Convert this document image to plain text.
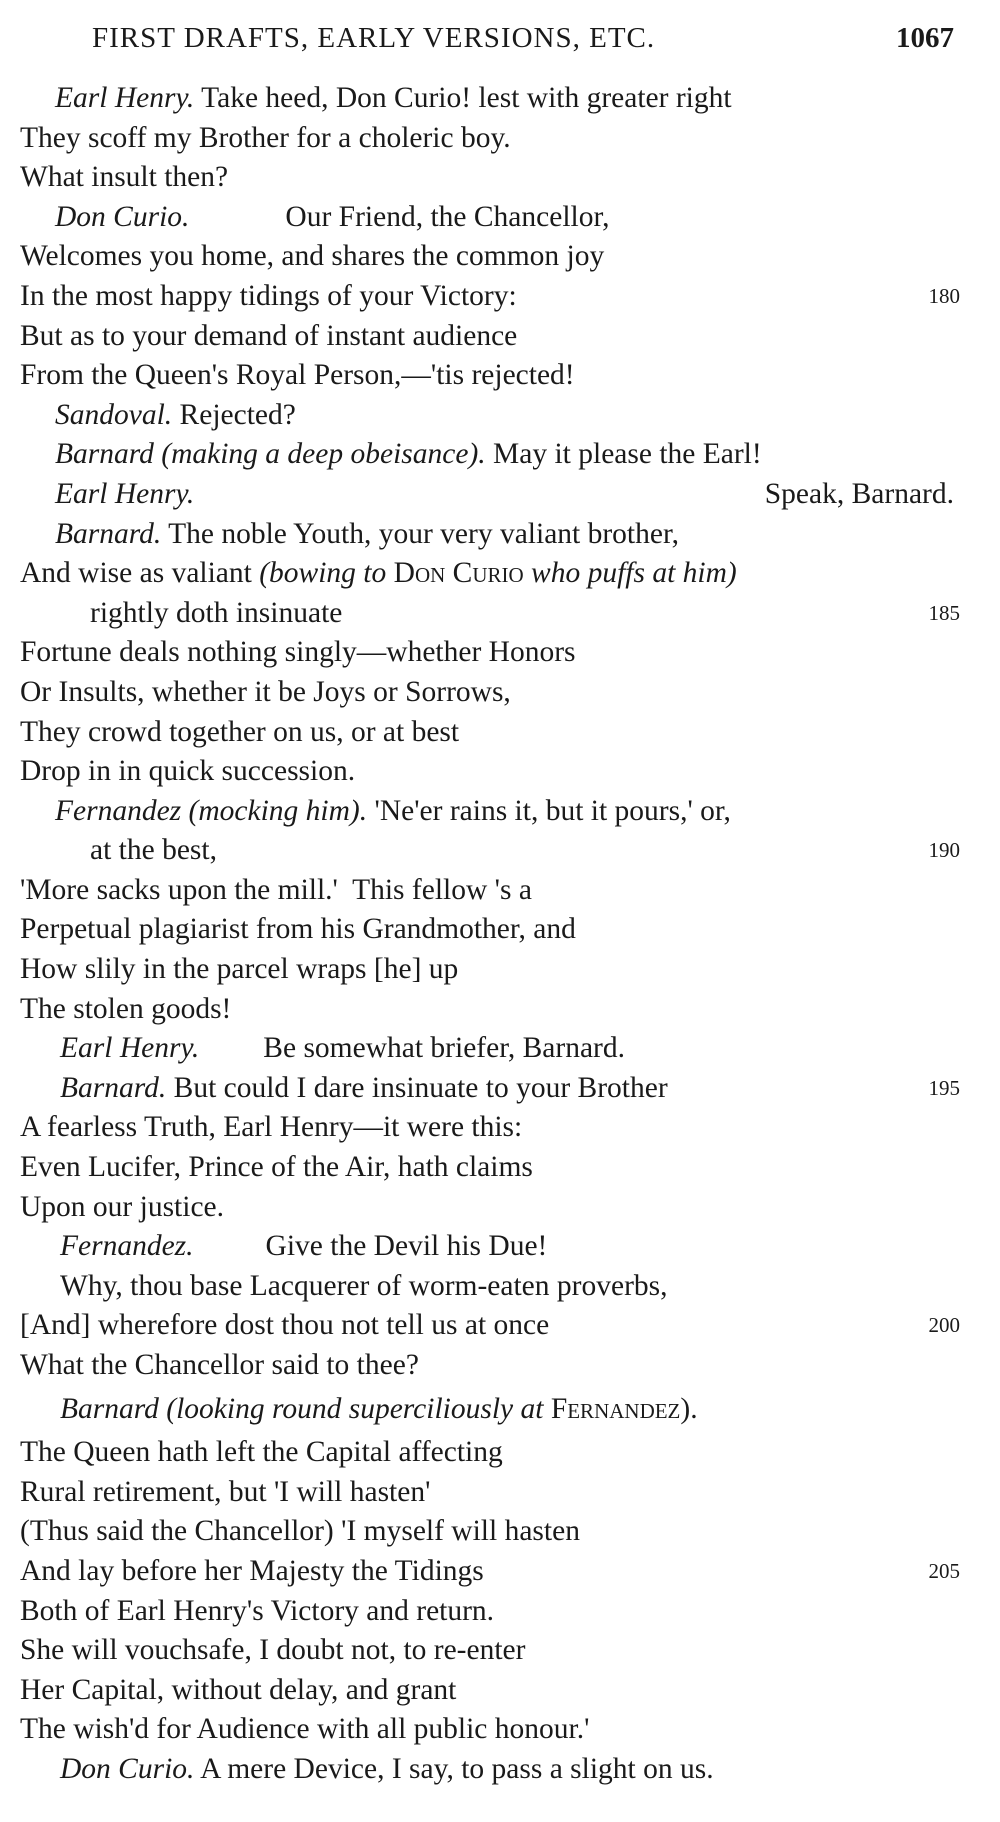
FIRST DRAFTS, EARLY VERSIONS, ETC.	1067
Earl Henry. Take heed, Don Curio! lest with greater right
They scoff my Brother for a choleric boy.
What insult then?
Don Curio.	Our Friend, the Chancellor,
Welcomes you home, and shares the common joy
In the most happy tidings of your Victory:	180
But as to your demand of instant audience
From the Queen's Royal Person,—'tis rejected!
Sandoval. Rejected?
Barnard (making a deep obeisance). May it please the Earl!
Earl Henry.	Speak, Barnard.
Barnard. The noble Youth, your very valiant brother,
And wise as valiant (bowing to Don Curio who puffs at him)
rightly doth insinuate	185
Fortune deals nothing singly—whether Honors
Or Insults, whether it be Joys or Sorrows,
They crowd together on us, or at best
Drop in in quick succession.
Fernandez (mocking him). 'Ne'er rains it, but it pours,' or,
at the best,	190
'More sacks upon the mill.'  This fellow 's a
Perpetual plagiarist from his Grandmother, and
How slily in the parcel wraps [he] up
The stolen goods!
Earl Henry. Be somewhat briefer, Barnard.
Barnard. But could I dare insinuate to your Brother	195
A fearless Truth, Earl Henry—it were this:
Even Lucifer, Prince of the Air, hath claims
Upon our justice.
Fernandez. Give the Devil his Due!
Why, thou base Lacquerer of worm-eaten proverbs,
[And] wherefore dost thou not tell us at once	200
What the Chancellor said to thee?
Barnard (looking round superciliously at Fernandez).
The Queen hath left the Capital affecting
Rural retirement, but 'I will hasten'
(Thus said the Chancellor) 'I myself will hasten
And lay before her Majesty the Tidings	205
Both of Earl Henry's Victory and return.
She will vouchsafe, I doubt not, to re-enter
Her Capital, without delay, and grant
The wish'd for Audience with all public honour.'
Don Curio. A mere Device, I say, to pass a slight on us.
